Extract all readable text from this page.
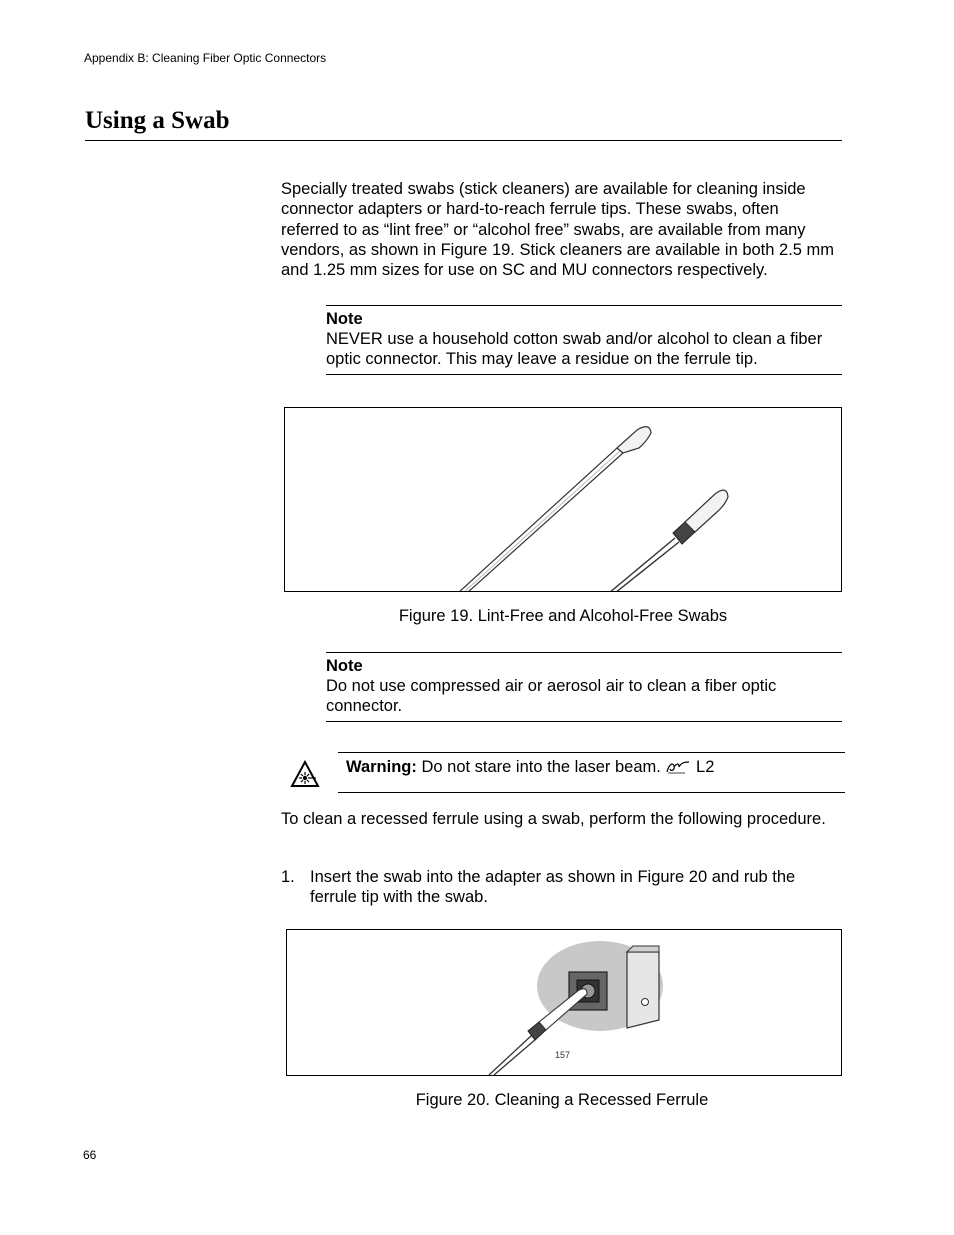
Appendix B: Cleaning Fiber Optic Connectors
Using a Swab
Specially treated swabs (stick cleaners) are available for cleaning inside connector adapters or hard-to-reach ferrule tips. These swabs, often referred to as “lint free” or “alcohol free” swabs, are available from many vendors, as shown in Figure 19. Stick cleaners are available in both 2.5 mm and 1.25 mm sizes for use on SC and MU connectors respectively.
Note
NEVER use a household cotton swab and/or alcohol to clean a fiber optic connector. This may leave a residue on the ferrule tip.
Figure 19. Lint-Free and Alcohol-Free Swabs
Note
Do not use compressed air or aerosol air to clean a fiber optic connector.
Warning: Do not stare into the laser beam. L2
To clean a recessed ferrule using a swab, perform the following procedure.
1. Insert the swab into the adapter as shown in Figure 20 and rub the ferrule tip with the swab.
157
Figure 20. Cleaning a Recessed Ferrule
66
